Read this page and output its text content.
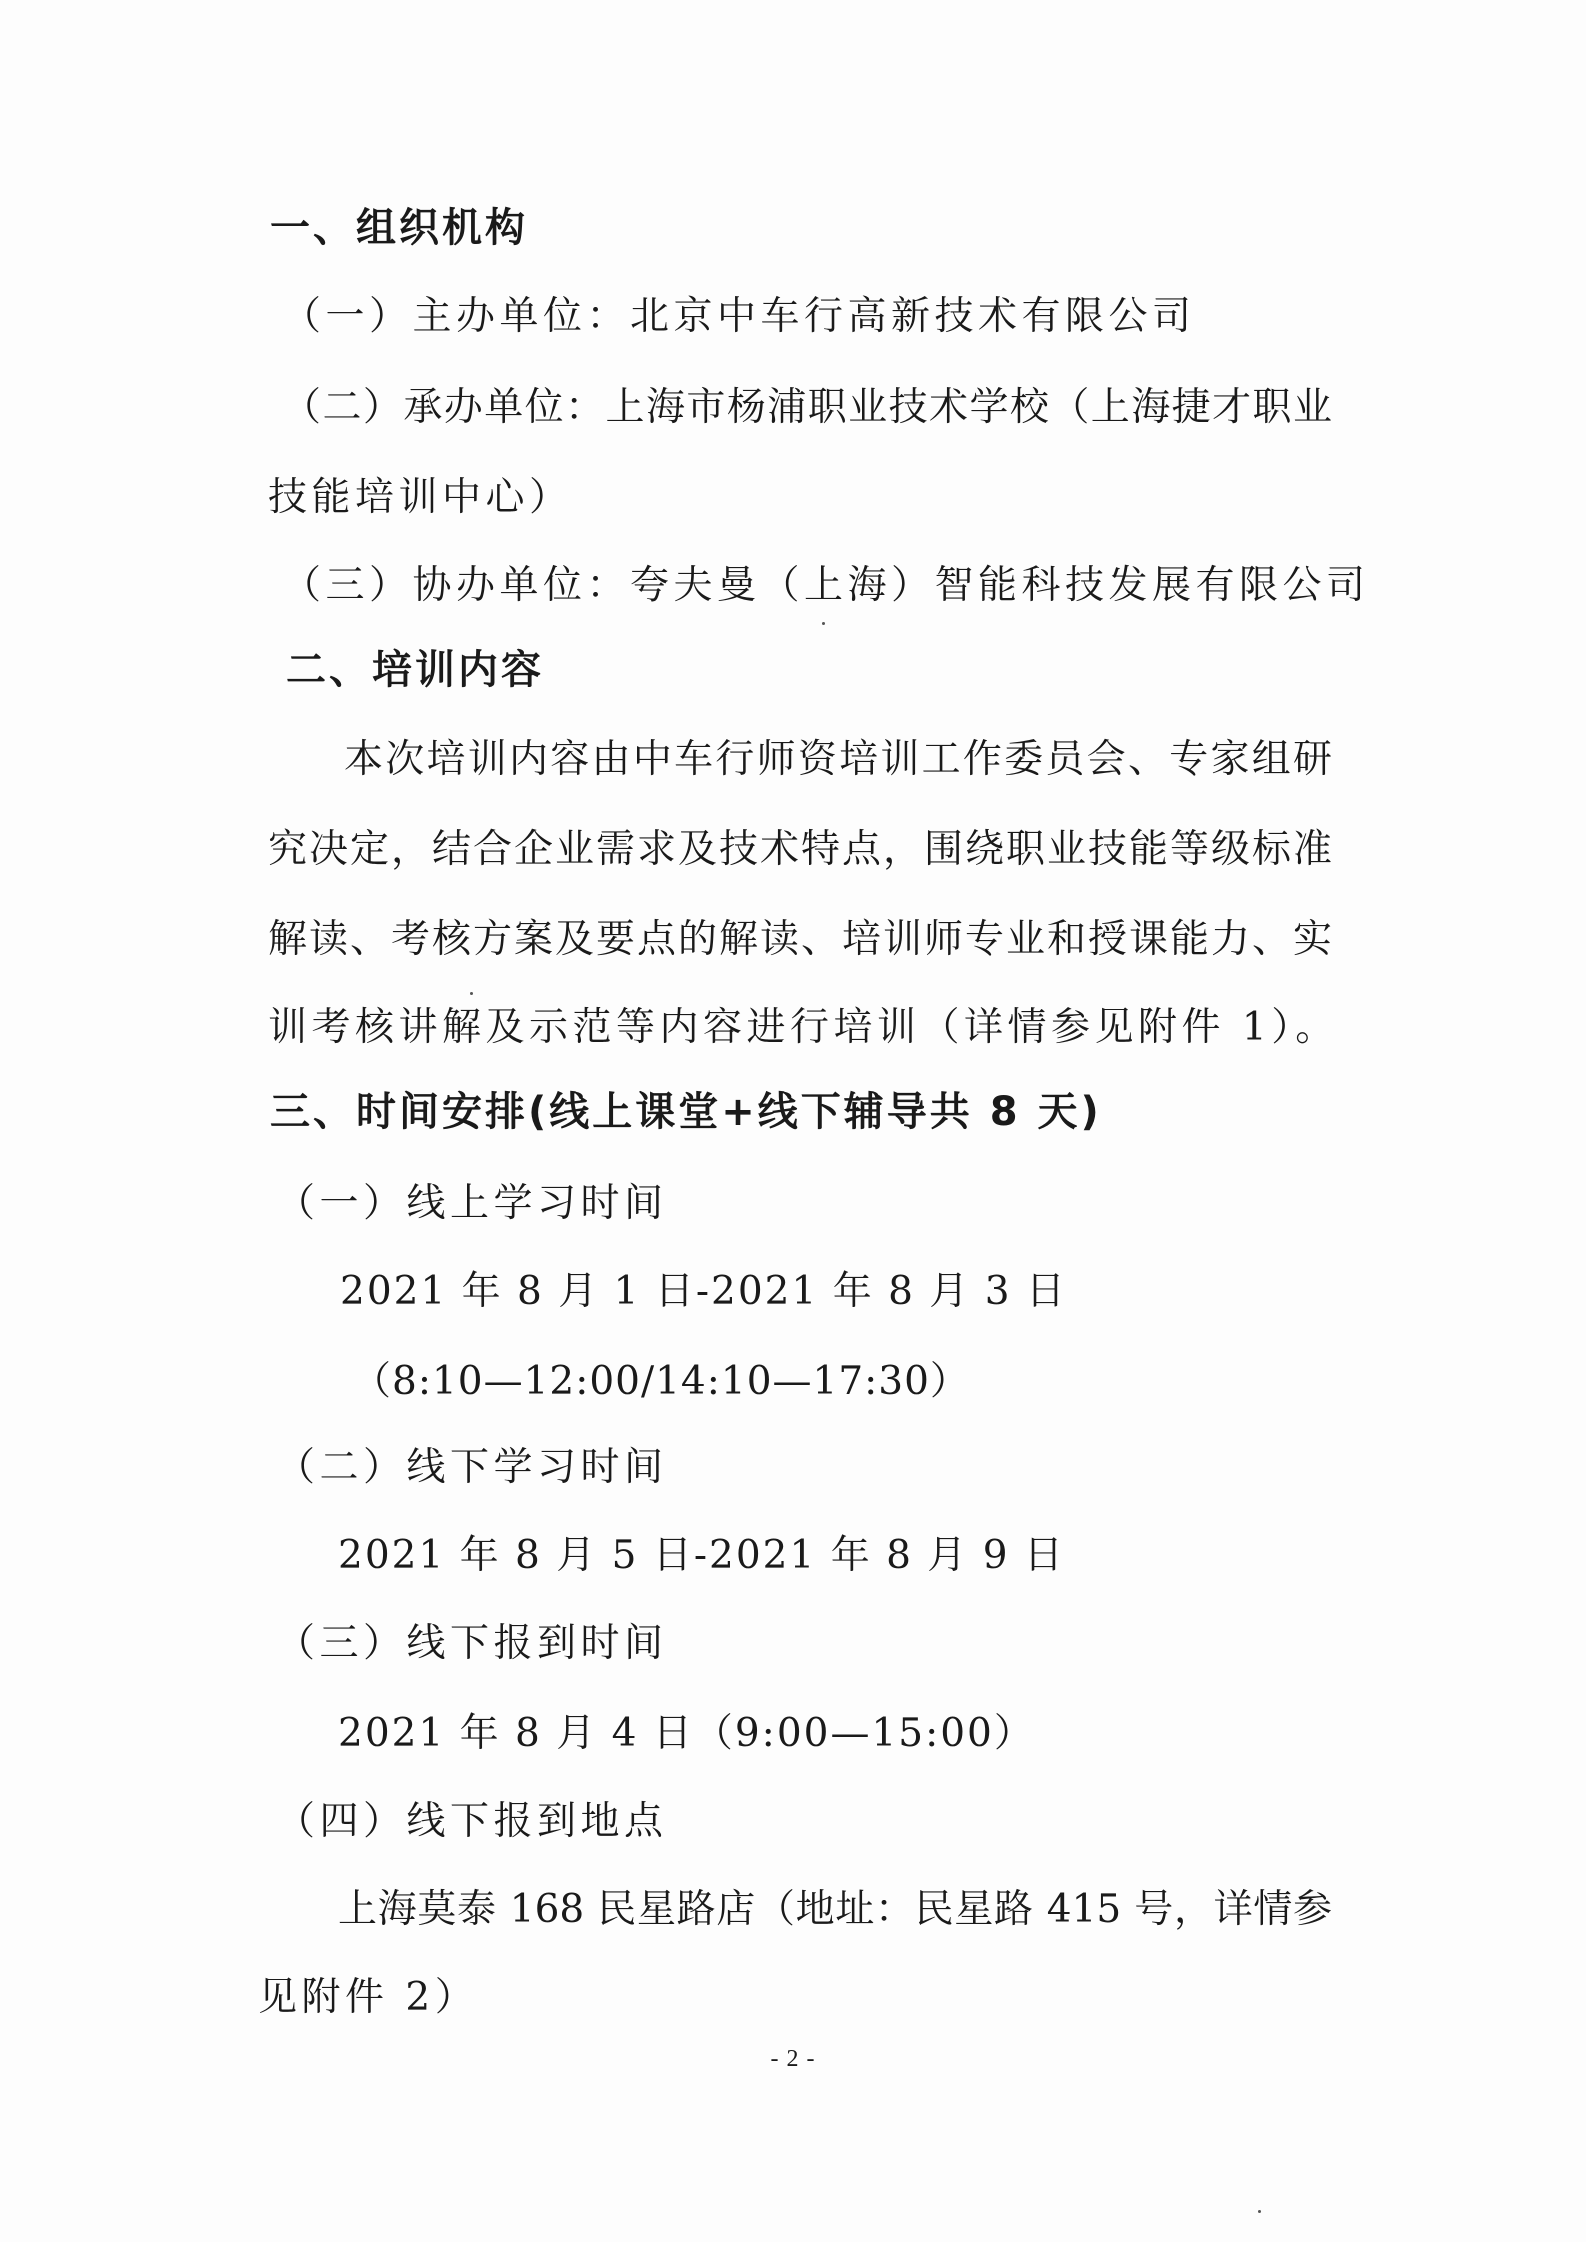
一、组织机构
（一）主办单位：北京中车行高新技术有限公司
（二）承办单位：上海市杨浦职业技术学校（上海捷才职业
技能培训中心）
（三）协办单位：夸夫曼（上海）智能科技发展有限公司
二、培训内容
本次培训内容由中车行师资培训工作委员会、专家组研
究决定，结合企业需求及技术特点，围绕职业技能等级标准
解读、考核方案及要点的解读、培训师专业和授课能力、实
训考核讲解及示范等内容进行培训（详情参见附件 1）。
三、时间安排(线上课堂+线下辅导共 8 天)
（一）线上学习时间
2021 年 8 月 1 日-2021 年 8 月 3 日
（8:10—12:00/14:10—17:30）
（二）线下学习时间
2021 年 8 月 5 日-2021 年 8 月 9 日
（三）线下报到时间
2021 年 8 月 4 日（9:00—15:00）
（四）线下报到地点
上海莫泰 168 民星路店（地址：民星路 415 号，详情参
见附件 2）
- 2 -
